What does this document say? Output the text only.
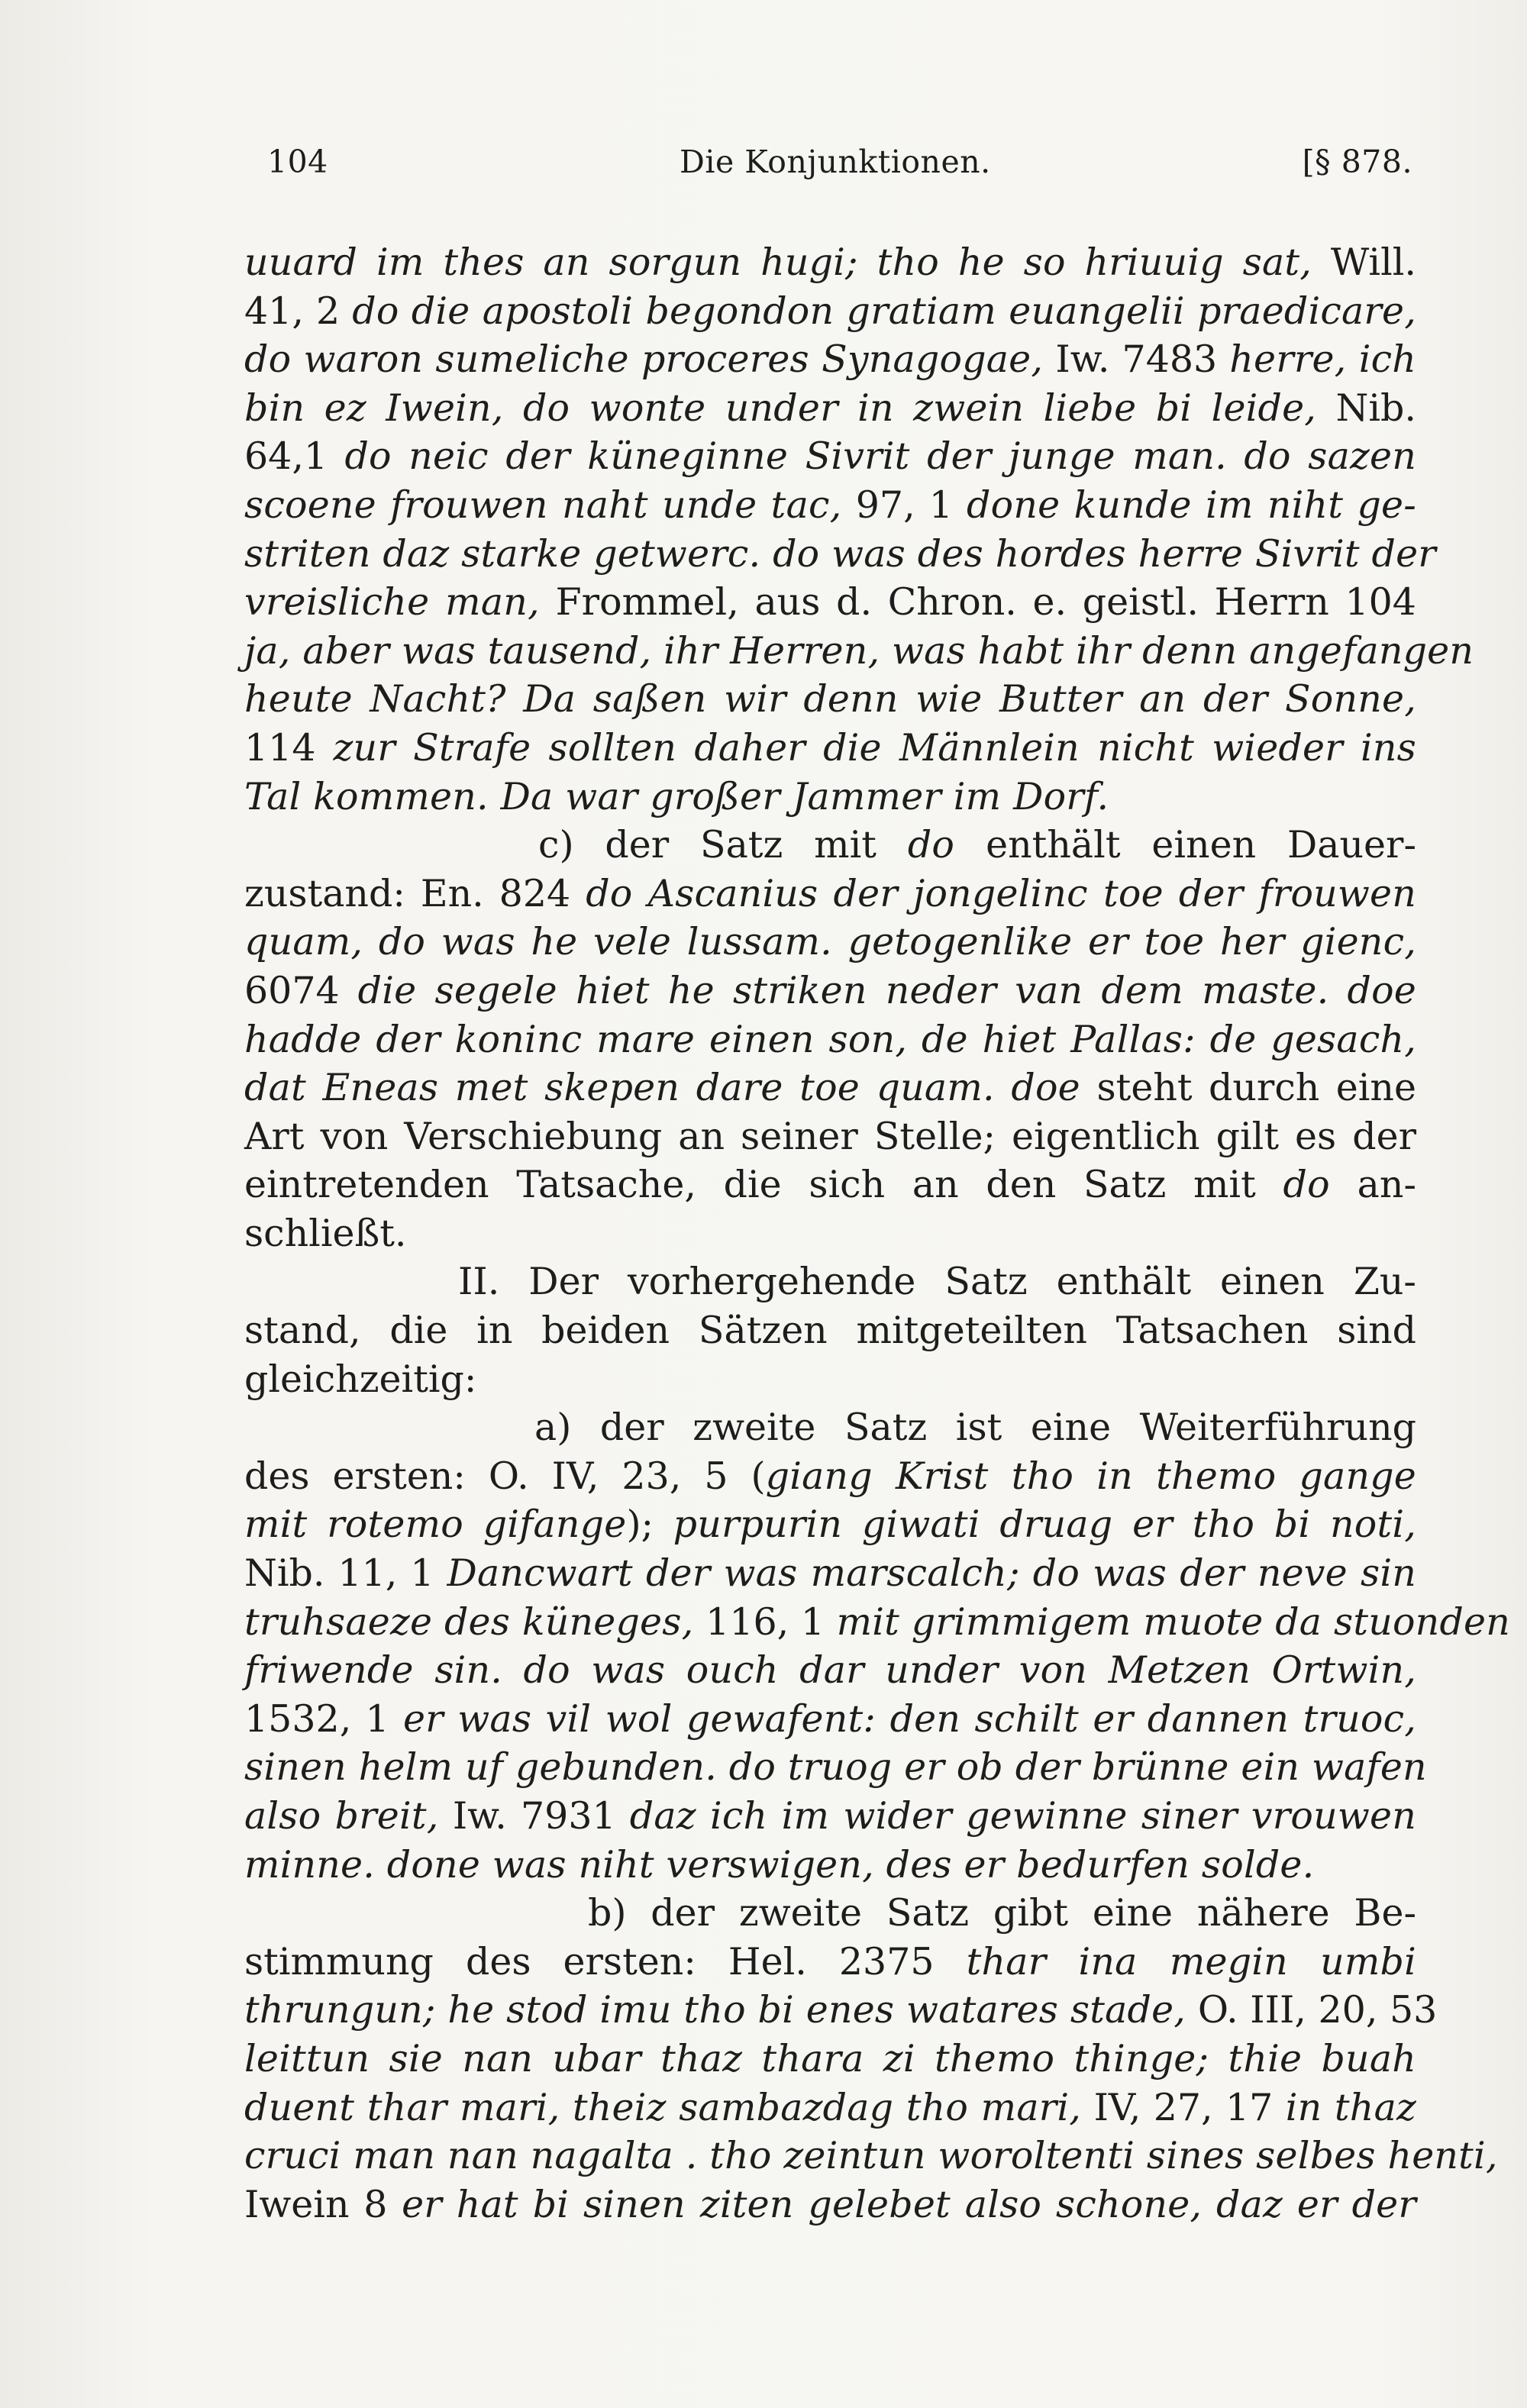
104	Die Konjunktionen.	[§ 878.
uuard im thes an sorgun hugi; tho he so hriuuig sat, Will.
41, 2 do die apostoli begondon gratiam euangelii praedicare,
do waron sumeliche proceres Synagogae, Iw. 7483 herre, ich
bin ez Iwein, do wonte under in zwein liebe bi leide, Nib.
64,1 do neic der küneginne Sivrit der junge man. do sazen
scoene frouwen naht unde tac, 97, 1 done kunde im niht ge-
striten daz starke getwerc. do was des hordes herre Sivrit der
vreisliche man, Frommel, aus d. Chron. e. geistl. Herrn 104
ja, aber was tausend, ihr Herren, was habt ihr denn angefangen
heute Nacht? Da saßen wir denn wie Butter an der Sonne,
114 zur Strafe sollten daher die Männlein nicht wieder ins
Tal kommen. Da war großer Jammer im Dorf.
c) der Satz mit do enthält einen Dauer-
zustand: En. 824 do Ascanius der jongelinc toe der frouwen
quam, do was he vele lussam. getogenlike er toe her gienc,
6074 die segele hiet he striken neder van dem maste. doe
hadde der koninc mare einen son, de hiet Pallas: de gesach,
dat Eneas met skepen dare toe quam. doe steht durch eine
Art von Verschiebung an seiner Stelle; eigentlich gilt es der
eintretenden Tatsache, die sich an den Satz mit do an-
schließt.
II. Der vorhergehende Satz enthält einen Zu-
stand, die in beiden Sätzen mitgeteilten Tatsachen sind
gleichzeitig:
a) der zweite Satz ist eine Weiterführung
des ersten: O. IV, 23, 5 (giang Krist tho in themo gange
mit rotemo gifange); purpurin giwati druag er tho bi noti,
Nib. 11, 1 Dancwart der was marscalch; do was der neve sin
truhsaeze des küneges, 116, 1 mit grimmigem muote da stuonden
friwende sin. do was ouch dar under von Metzen Ortwin,
1532, 1 er was vil wol gewafent: den schilt er dannen truoc,
sinen helm uf gebunden. do truog er ob der brünne ein wafen
also breit, Iw. 7931 daz ich im wider gewinne siner vrouwen
minne. done was niht verswigen, des er bedurfen solde.
b) der zweite Satz gibt eine nähere Be-
stimmung des ersten: Hel. 2375 thar ina megin umbi
thrungun; he stod imu tho bi enes watares stade, O. III, 20, 53
leittun sie nan ubar thaz thara zi themo thinge; thie buah
duent thar mari, theiz sambazdag tho mari, IV, 27, 17 in thaz
cruci man nan nagalta . tho zeintun woroltenti sines selbes henti,
Iwein 8 er hat bi sinen ziten gelebet also schone, daz er der
